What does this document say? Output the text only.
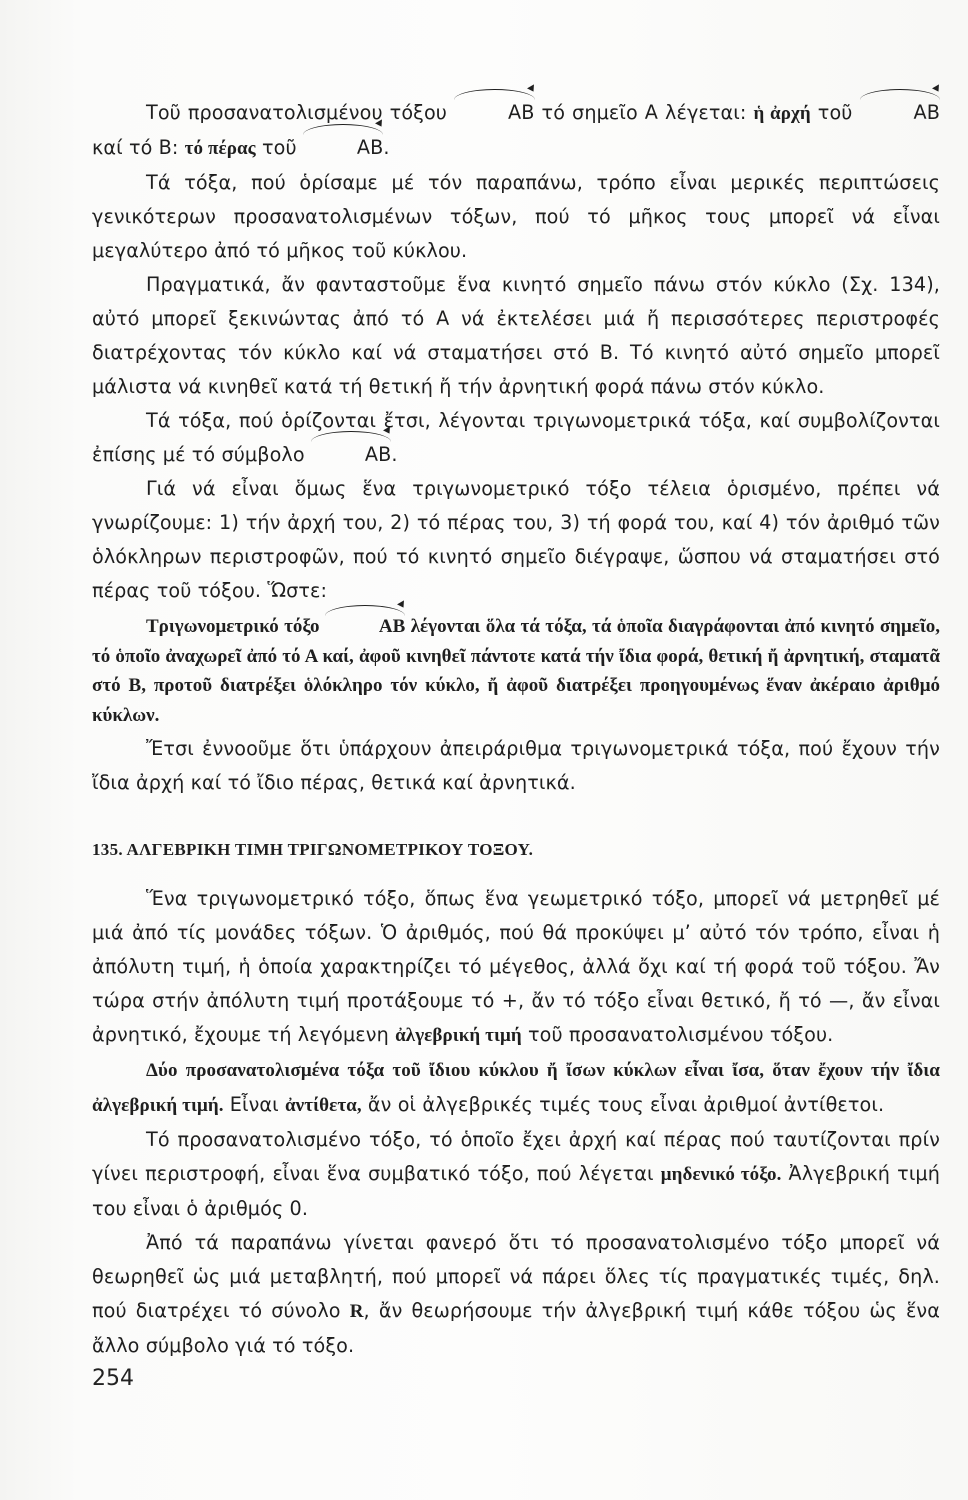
Τοῦ προσανατολισμένου τόξου	ΑΒ τό σημεῖο Α λέγεται: ἡ ἀρχή τοῦ	ΑΒ καί τό Β: τό πέρας τοῦ	ΑΒ.

Τά τόξα, πού ὁρίσαμε μέ τόν παραπάνω, τρόπο εἶναι μερικές περιπτώσεις γενικότερων προσανατολισμένων τόξων, πού τό μῆκος τους μπορεῖ νά εἶναι μεγαλύτερο ἀπό τό μῆκος τοῦ κύκλου.

Πραγματικά, ἄν φανταστοῦμε ἕνα κινητό σημεῖο πάνω στόν κύκλο (Σχ. 134), αὐτό μπορεῖ ξεκινώντας ἀπό τό Α νά ἐκτελέσει μιά ἤ περισσότερες περιστροφές διατρέχοντας τόν κύκλο καί νά σταματήσει στό Β. Τό κινητό αὐτό σημεῖο μπορεῖ μάλιστα νά κινηθεῖ κατά τή θετική ἤ τήν ἀρνητική φορά πάνω στόν κύκλο.

Τά τόξα, πού ὁρίζονται ἔτσι, λέγονται τριγωνομετρικά τόξα, καί συμβολίζονται ἐπίσης μέ τό σύμβολο	ΑΒ.

Γιά νά εἶναι ὅμως ἕνα τριγωνομετρικό τόξο τέλεια ὁρισμένο, πρέπει νά γνωρίζουμε: 1) τήν ἀρχή του, 2) τό πέρας του, 3) τή φορά του, καί 4) τόν ἀριθμό τῶν ὁλόκληρων περιστροφῶν, πού τό κινητό σημεῖο διέγραψε, ὥσπου νά σταματήσει στό πέρας τοῦ τόξου. Ὥστε:

Τριγωνομετρικό τόξο	ΑΒ λέγονται ὅλα τά τόξα, τά ὁποῖα διαγράφονται ἀπό κινητό σημεῖο, τό ὁποῖο ἀναχωρεῖ ἀπό τό Α καί, ἀφοῦ κινηθεῖ πάντοτε κατά τήν ἴδια φορά, θετική ἤ ἀρνητική, σταματᾶ στό Β, προτοῦ διατρέξει ὁλόκληρο τόν κύκλο, ἤ ἀφοῦ διατρέξει προηγουμένως ἕναν ἀκέραιο ἀριθμό κύκλων.

Ἔτσι ἐννοοῦμε ὅτι ὑπάρχουν ἀπειράριθμα τριγωνομετρικά τόξα, πού ἔχουν τήν ἴδια ἀρχή καί τό ἴδιο πέρας, θετικά καί ἀρνητικά.

135. ΑΛΓΕΒΡΙΚΗ ΤΙΜΗ ΤΡΙΓΩΝΟΜΕΤΡΙΚΟΥ ΤΟΞΟΥ.

Ἕνα τριγωνομετρικό τόξο, ὅπως ἕνα γεωμετρικό τόξο, μπορεῖ νά μετρηθεῖ μέ μιά ἀπό τίς μονάδες τόξων. Ὁ ἀριθμός, πού θά προκύψει μ’ αὐτό τόν τρόπο, εἶναι ἡ ἀπόλυτη τιμή, ἡ ὁποία χαρακτηρίζει τό μέγεθος, ἀλλά ὄχι καί τή φορά τοῦ τόξου. Ἄν τώρα στήν ἀπόλυτη τιμή προτάξουμε τό +, ἄν τό τόξο εἶναι θετικό, ἤ τό —, ἄν εἶναι ἀρνητικό, ἔχουμε τή λεγόμενη ἀλγεβρική τιμή τοῦ προσανατολισμένου τόξου.

Δύο προσανατολισμένα τόξα τοῦ ἴδιου κύκλου ἤ ἴσων κύκλων εἶναι ἴσα, ὅταν ἔχουν τήν ἴδια ἀλγεβρική τιμή. Εἶναι ἀντίθετα, ἄν οἱ ἀλγεβρικές τιμές τους εἶναι ἀριθμοί ἀντίθετοι.

Τό προσανατολισμένο τόξο, τό ὁποῖο ἔχει ἀρχή καί πέρας πού ταυτίζονται πρίν γίνει περιστροφή, εἶναι ἕνα συμβατικό τόξο, πού λέγεται μηδενικό τόξο. Ἀλγεβρική τιμή του εἶναι ὁ ἀριθμός 0.

Ἀπό τά παραπάνω γίνεται φανερό ὅτι τό προσανατολισμένο τόξο μπορεῖ νά θεωρηθεῖ ὡς μιά μεταβλητή, πού μπορεῖ νά πάρει ὅλες τίς πραγματικές τιμές, δηλ. πού διατρέχει τό σύνολο R, ἄν θεωρήσουμε τήν ἀλγεβρική τιμή κάθε τόξου ὡς ἕνα ἄλλο σύμβολο γιά τό τόξο.

254
